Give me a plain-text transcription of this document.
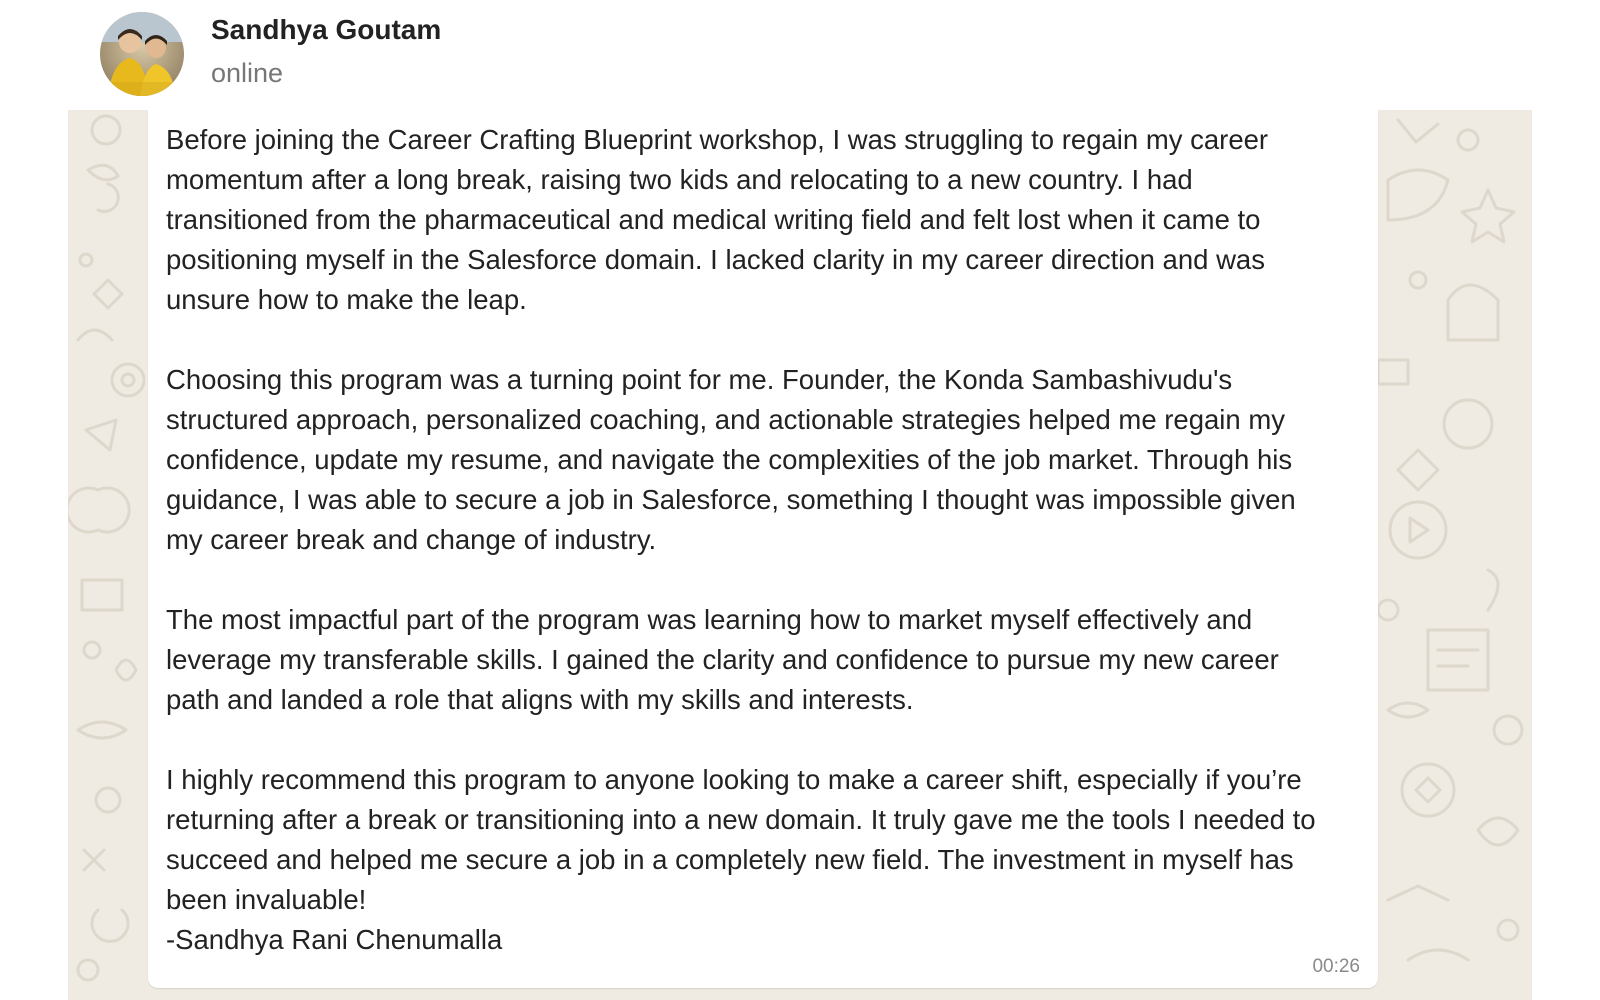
Sandhya Goutam
online

Before joining the Career Crafting Blueprint workshop, I was struggling to regain my career momentum after a long break, raising two kids and relocating to a new country. I had transitioned from the pharmaceutical and medical writing field and felt lost when it came to positioning myself in the Salesforce domain. I lacked clarity in my career direction and was unsure how to make the leap.

Choosing this program was a turning point for me. Founder, the Konda Sambashivudu's structured approach, personalized coaching, and actionable strategies helped me regain my confidence, update my resume, and navigate the complexities of the job market. Through his guidance, I was able to secure a job in Salesforce, something I thought was impossible given my career break and change of industry.

The most impactful part of the program was learning how to market myself effectively and leverage my transferable skills. I gained the clarity and confidence to pursue my new career path and landed a role that aligns with my skills and interests.

I highly recommend this program to anyone looking to make a career shift, especially if you’re returning after a break or transitioning into a new domain. It truly gave me the tools I needed to succeed and helped me secure a job in a completely new field. The investment in myself has been invaluable!

-Sandhya Rani Chenumalla

00:26
